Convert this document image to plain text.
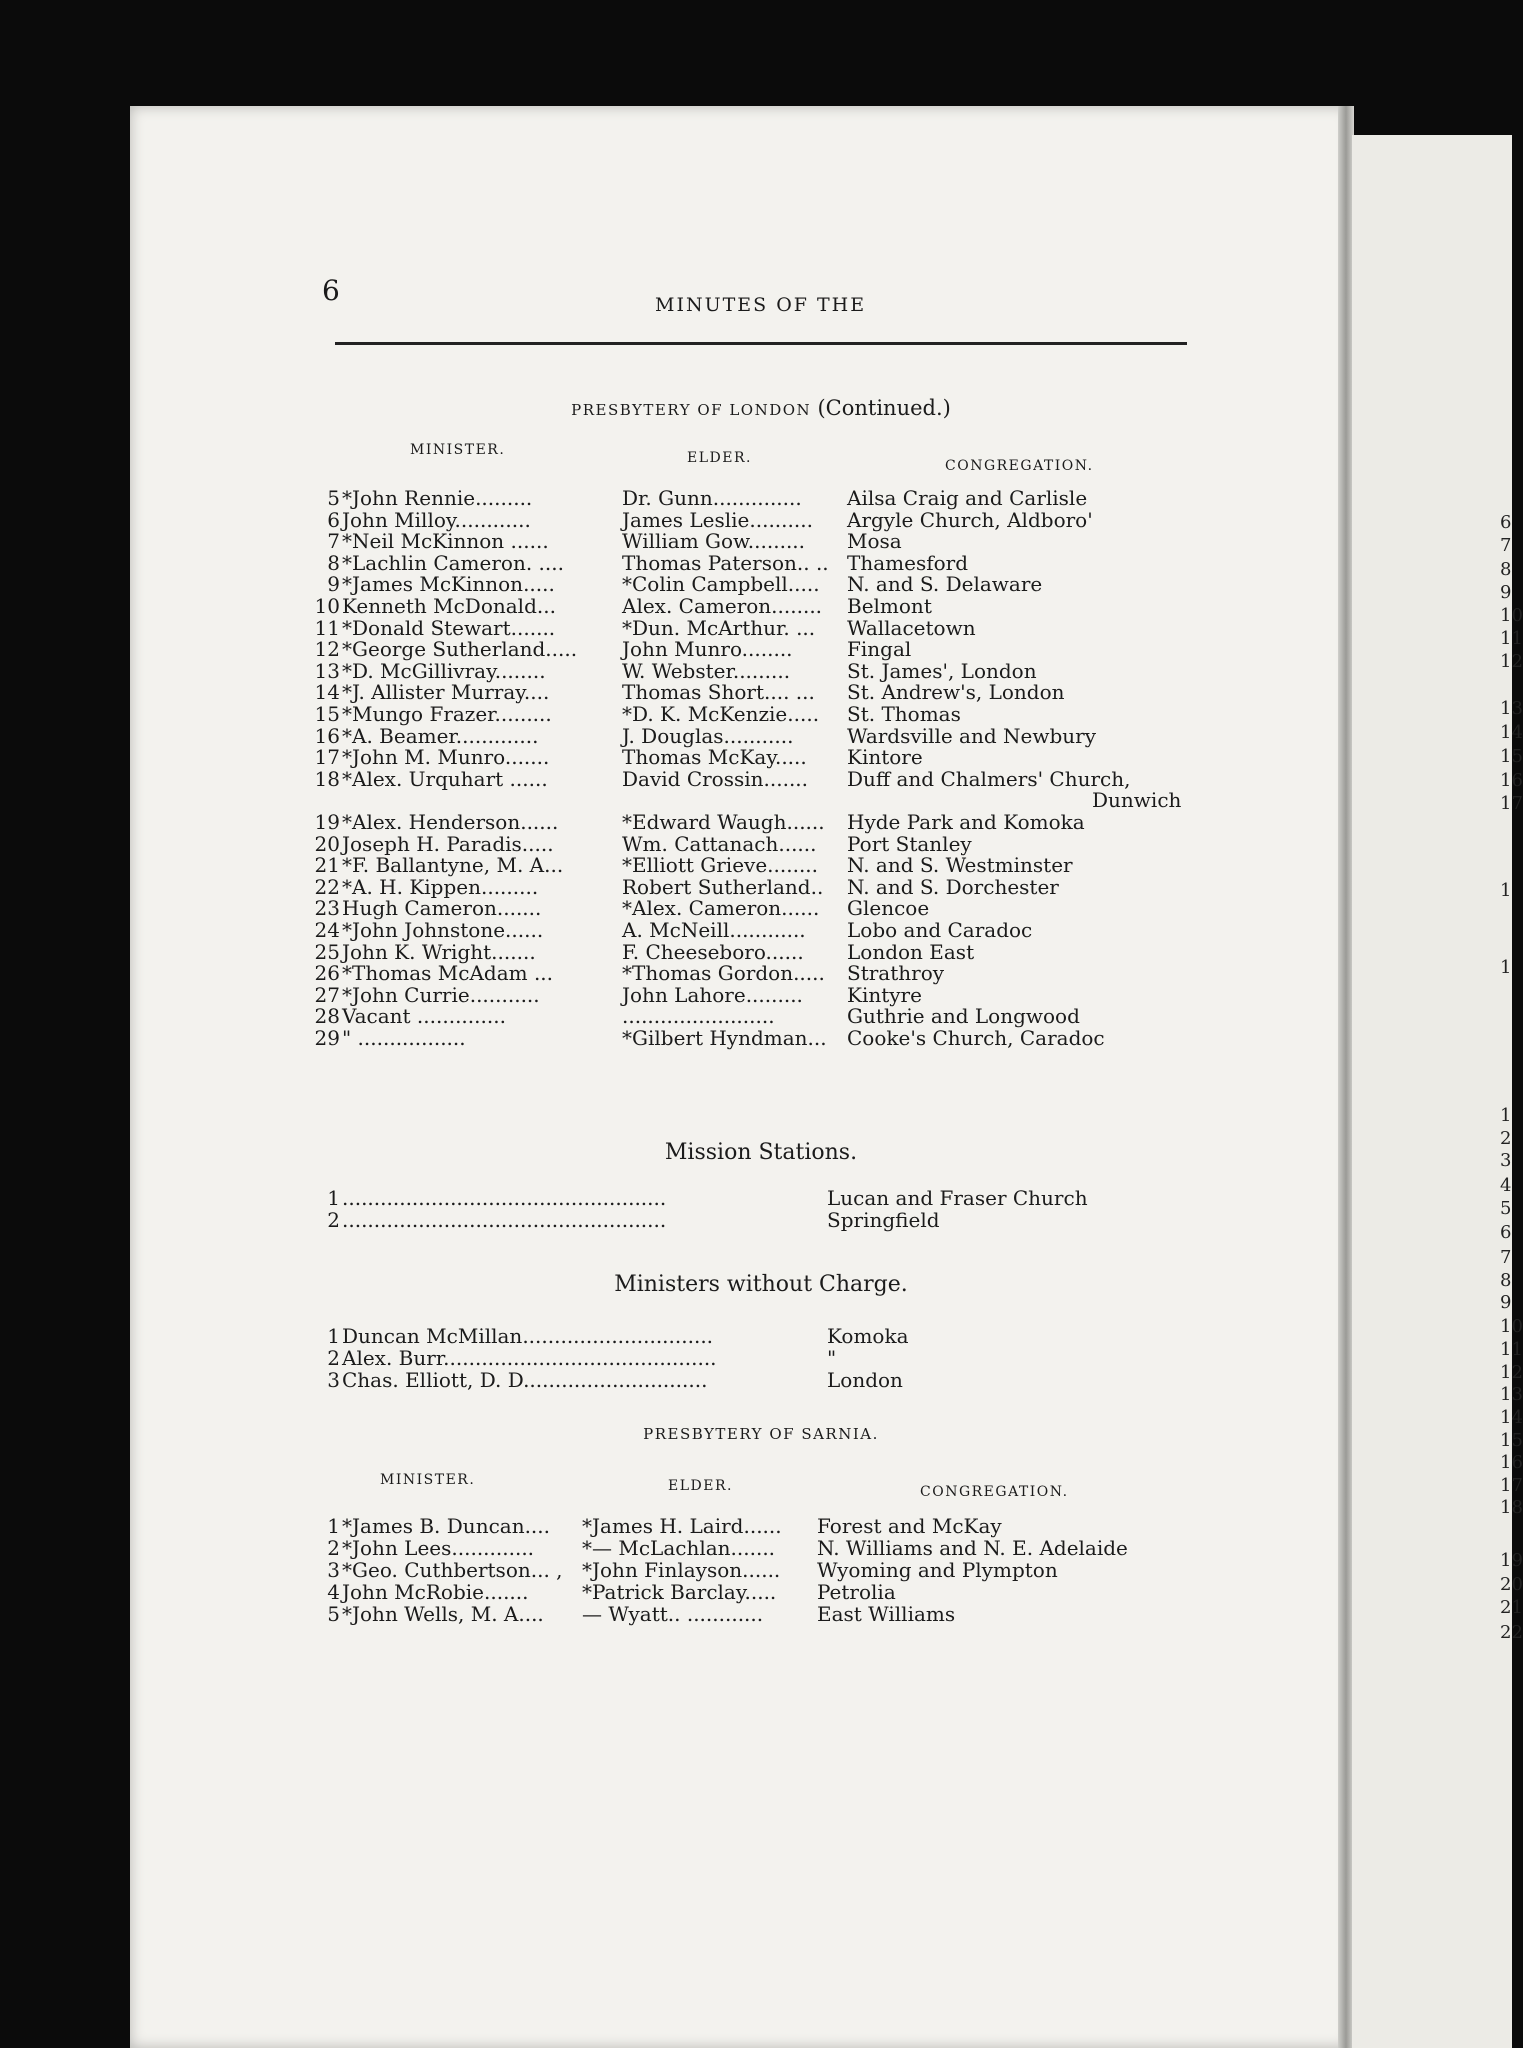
6	MINUTES OF THE
PRESBYTERY OF LONDON (Continued.)
MINISTER.	ELDER.	CONGREGATION.
5 *John Rennie.........	Dr. Gunn.............. Ailsa Craig and Carlisle
6 John Milloy............	James Leslie.......... Argyle Church, Aldboro'
7 *Neil McKinnon ......	William Gow......... Mosa
8 *Lachlin Cameron. ....	Thomas Paterson.. .. Thamesford
9 *James McKinnon.....	*Colin Campbell..... N. and S. Delaware
10 Kenneth McDonald...	Alex. Cameron........ Belmont
11 *Donald Stewart.......	*Dun. McArthur. ... Wallacetown
12 *George Sutherland..... John Munro........	Fingal
13 *D. McGillivray........	W. Webster.........	St. James', London
14 *J. Allister Murray....	Thomas Short.... ... St. Andrew's, London
15 *Mungo Frazer.........	*D. K. McKenzie..... St. Thomas
16 *A. Beamer.............	J. Douglas...........	Wardsville and Newbury
17 *John M. Munro.......	Thomas McKay..... Kintore
18 *Alex. Urquhart ......	David Crossin....... Duff and Chalmers' Church,
Dunwich
19 *Alex. Henderson......	*Edward Waugh...... Hyde Park and Komoka
20 Joseph H. Paradis.....	Wm. Cattanach...... Port Stanley
21 *F. Ballantyne, M. A...	*Elliott Grieve........ N. and S. Westminster
22 *A. H. Kippen.........	Robert Sutherland.. N. and S. Dorchester
23 Hugh Cameron.......	*Alex. Cameron...... Glencoe
24 *John Johnstone......	A. McNeill............ Lobo and Caradoc
25 John K. Wright.......	F. Cheeseboro...... London East
26 *Thomas McAdam ...	*Thomas Gordon..... Strathroy
27 *John Currie...........	John Lahore......... Kintyre
28 Vacant ..............	........................	Guthrie and Longwood
29 " .................	*Gilbert Hyndman... Cooke's Church, Caradoc
Mission Stations.
1 ...................................................	Lucan and Fraser Church
2 ...................................................	Springfield
Ministers without Charge.
1 Duncan McMillan..............................	Komoka
2 Alex. Burr...........................................	"
3 Chas. Elliott, D. D.............................	London
PRESBYTERY OF SARNIA.
MINISTER.	ELDER.	CONGREGATION.
1 *James B. Duncan.... *James H. Laird...... Forest and McKay
2 *John Lees............. *— McLachlan....... N. Williams and N. E. Adelaide
3 *Geo. Cuthbertson... , *John Finlayson...... Wyoming and Plympton
4 John McRobie.......	*Patrick Barclay..... Petrolia
5 *John Wells, M. A.... — Wyatt.. ............	East Williams
6
7
8
9
10
11
12
13
14
15
16
17
1
1
1
2
3
4
5
6
7
8
9
10
11
12
13
14
15
16
17
18
19
20
21
22
